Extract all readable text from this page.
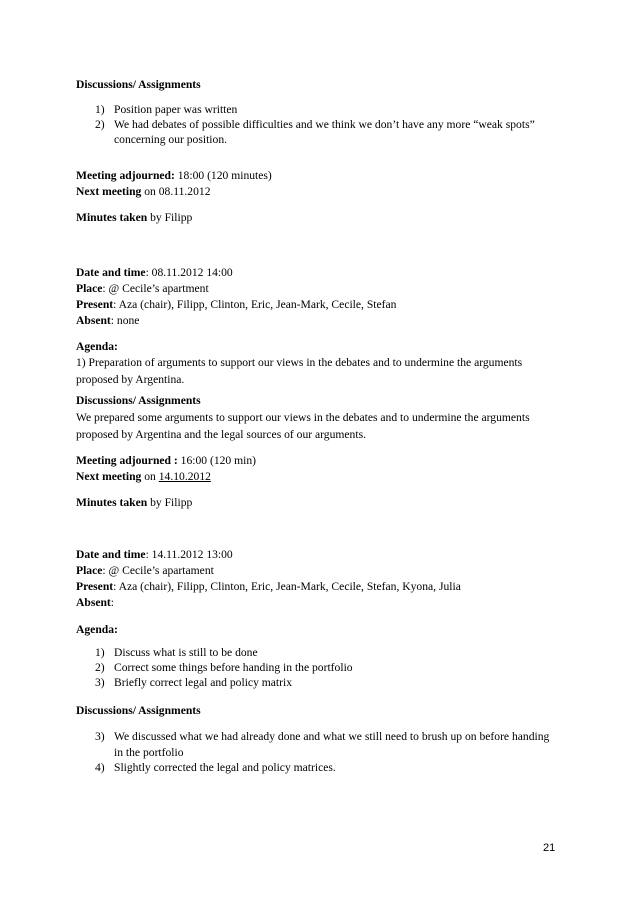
Discussions/ Assignments
1) Position paper was written
2) We had debates of possible difficulties and we think we don’t have any more “weak spots”
concerning our position.
Meeting adjourned: 18:00 (120 minutes)
Next meeting on 08.11.2012
Minutes taken by Filipp
Date and time: 08.11.2012 14:00
Place: @ Cecile’s apartment
Present: Aza (chair), Filipp, Clinton, Eric, Jean-Mark, Cecile, Stefan
Absent: none
Agenda:
1) Preparation of arguments to support our views in the debates and to undermine the arguments
proposed by Argentina.
Discussions/ Assignments
We prepared some arguments to support our views in the debates and to undermine the arguments
proposed by Argentina and the legal sources of our arguments.
Meeting adjourned : 16:00 (120 min)
Next meeting on 14.10.2012
Minutes taken by Filipp
Date and time: 14.11.2012 13:00
Place: @ Cecile’s apartament
Present: Aza (chair), Filipp, Clinton, Eric, Jean-Mark, Cecile, Stefan, Kyona, Julia
Absent:
Agenda:
1) Discuss what is still to be done
2) Correct some things before handing in the portfolio
3) Briefly correct legal and policy matrix
Discussions/ Assignments
3) We discussed what we had already done and what we still need to brush up on before handing
in the portfolio
4) Slightly corrected the legal and policy matrices.
21
